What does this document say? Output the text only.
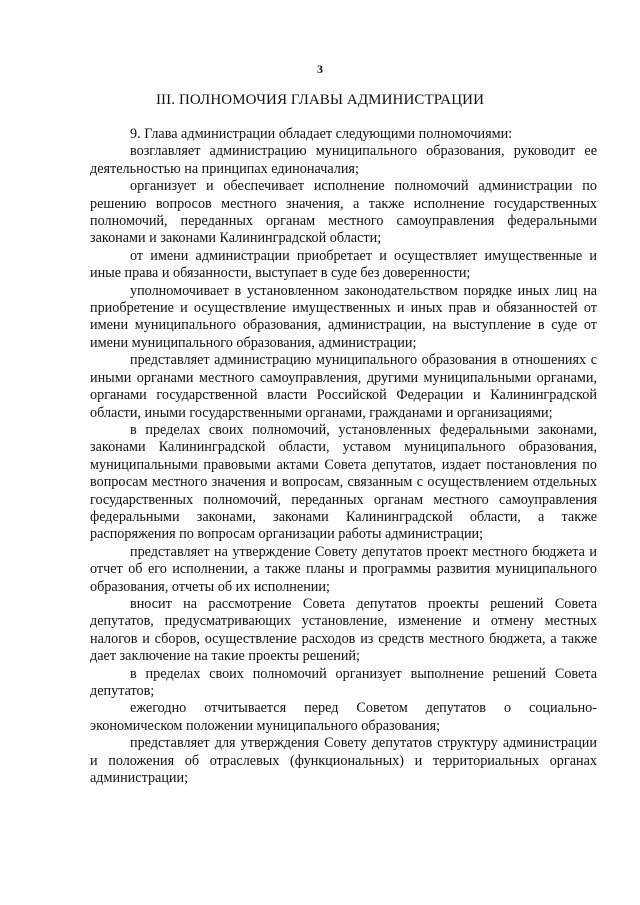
3
III. ПОЛНОМОЧИЯ ГЛАВЫ АДМИНИСТРАЦИИ

9. Глава администрации обладает следующими полномочиями:

возглавляет администрацию муниципального образования, руководит ее деятельностью на принципах единоначалия;

организует и обеспечивает исполнение полномочий администрации по решению вопросов местного значения, а также исполнение государственных полномочий, переданных органам местного самоуправления федеральными законами и законами Калининградской области;

от имени администрации приобретает и осуществляет имущественные и иные права и обязанности, выступает в суде без доверенности;

уполномочивает в установленном законодательством порядке иных лиц на приобретение и осуществление имущественных и иных прав и обязанностей от имени муниципального образования, администрации, на выступление в суде от имени муниципального образования, администрации;

представляет администрацию муниципального образования в отношениях с иными органами местного самоуправления, другими муниципальными органами, органами государственной власти Российской Федерации и Калининградской области, иными государственными органами, гражданами и организациями;

в пределах своих полномочий, установленных федеральными законами, законами Калининградской области, уставом муниципального образования, муниципальными правовыми актами Совета депутатов, издает постановления по вопросам местного значения и вопросам, связанным с осуществлением отдельных государственных полномочий, переданных органам местного самоуправления федеральными законами, законами Калининградской области, а также распоряжения по вопросам организации работы администрации;

представляет на утверждение Совету депутатов проект местного бюджета и отчет об его исполнении, а также планы и программы развития муниципального образования, отчеты об их исполнении;

вносит на рассмотрение Совета депутатов проекты решений Совета депутатов, предусматривающих установление, изменение и отмену местных налогов и сборов, осуществление расходов из средств местного бюджета, а также дает заключение на такие проекты решений;

в пределах своих полномочий организует выполнение решений Совета депутатов;

ежегодно отчитывается перед Советом депутатов о социально-экономическом положении муниципального образования;

представляет для утверждения Совету депутатов структуру администрации и положения об отраслевых (функциональных) и территориальных органах администрации;
